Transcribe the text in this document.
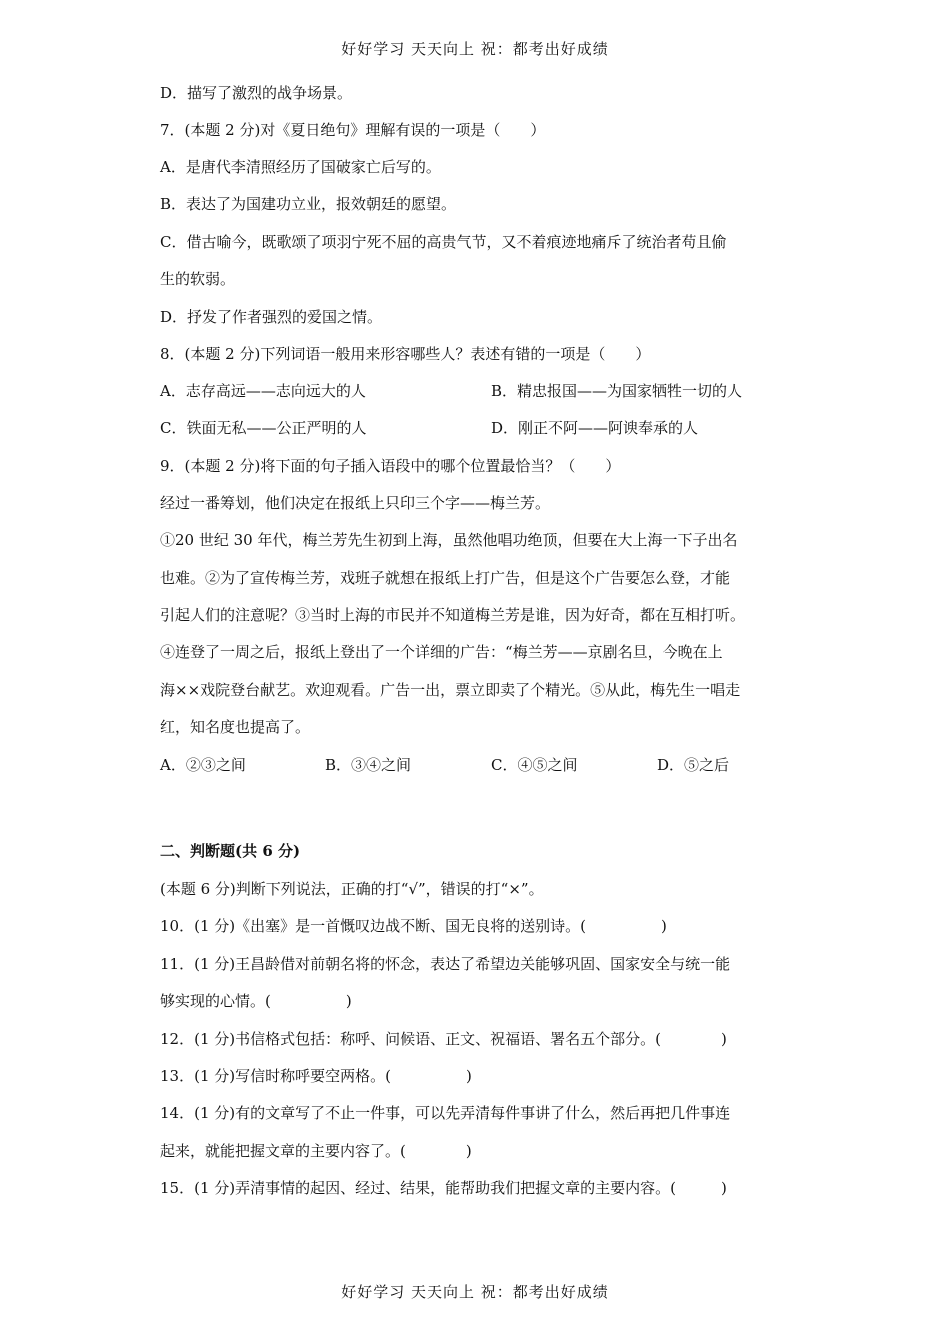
好好学习 天天向上 祝：都考出好成绩
D．描写了激烈的战争场景。
7．(本题 2 分)对《夏日绝句》理解有误的一项是（　　）
A．是唐代李清照经历了国破家亡后写的。
B．表达了为国建功立业，报效朝廷的愿望。
C．借古喻今，既歌颂了项羽宁死不屈的高贵气节，又不着痕迹地痛斥了统治者苟且偷
生的软弱。
D．抒发了作者强烈的爱国之情。
8．(本题 2 分)下列词语一般用来形容哪些人？表述有错的一项是（　　）
A．志存高远——志向远大的人	B．精忠报国——为国家牺牲一切的人
C．铁面无私——公正严明的人	D．刚正不阿——阿谀奉承的人
9．(本题 2 分)将下面的句子插入语段中的哪个位置最恰当？（　　）
经过一番筹划，他们决定在报纸上只印三个字——梅兰芳。
①20 世纪 30 年代，梅兰芳先生初到上海，虽然他唱功绝顶，但要在大上海一下子出名
也难。②为了宣传梅兰芳，戏班子就想在报纸上打广告，但是这个广告要怎么登，才能
引起人们的注意呢？③当时上海的市民并不知道梅兰芳是谁，因为好奇，都在互相打听。
④连登了一周之后，报纸上登出了一个详细的广告：“梅兰芳——京剧名旦，今晚在上
海××戏院登台献艺。欢迎观看。广告一出，票立即卖了个精光。⑤从此，梅先生一唱走
红，知名度也提高了。
A．②③之间	B．③④之间	C．④⑤之间	D．⑤之后
二、判断题(共 6 分)
(本题 6 分)判断下列说法，正确的打“√”，错误的打“×”。
10．(1 分)《出塞》是一首慨叹边战不断、国无良将的送别诗。(　　　　　)
11．(1 分)王昌龄借对前朝名将的怀念，表达了希望边关能够巩固、国家安全与统一能
够实现的心情。(　　　　　)
12．(1 分)书信格式包括：称呼、问候语、正文、祝福语、署名五个部分。(　　　　)
13．(1 分)写信时称呼要空两格。(　　　　　)
14．(1 分)有的文章写了不止一件事，可以先弄清每件事讲了什么，然后再把几件事连
起来，就能把握文章的主要内容了。(　　　　)
15．(1 分)弄清事情的起因、经过、结果，能帮助我们把握文章的主要内容。(　　　)
好好学习 天天向上 祝：都考出好成绩
